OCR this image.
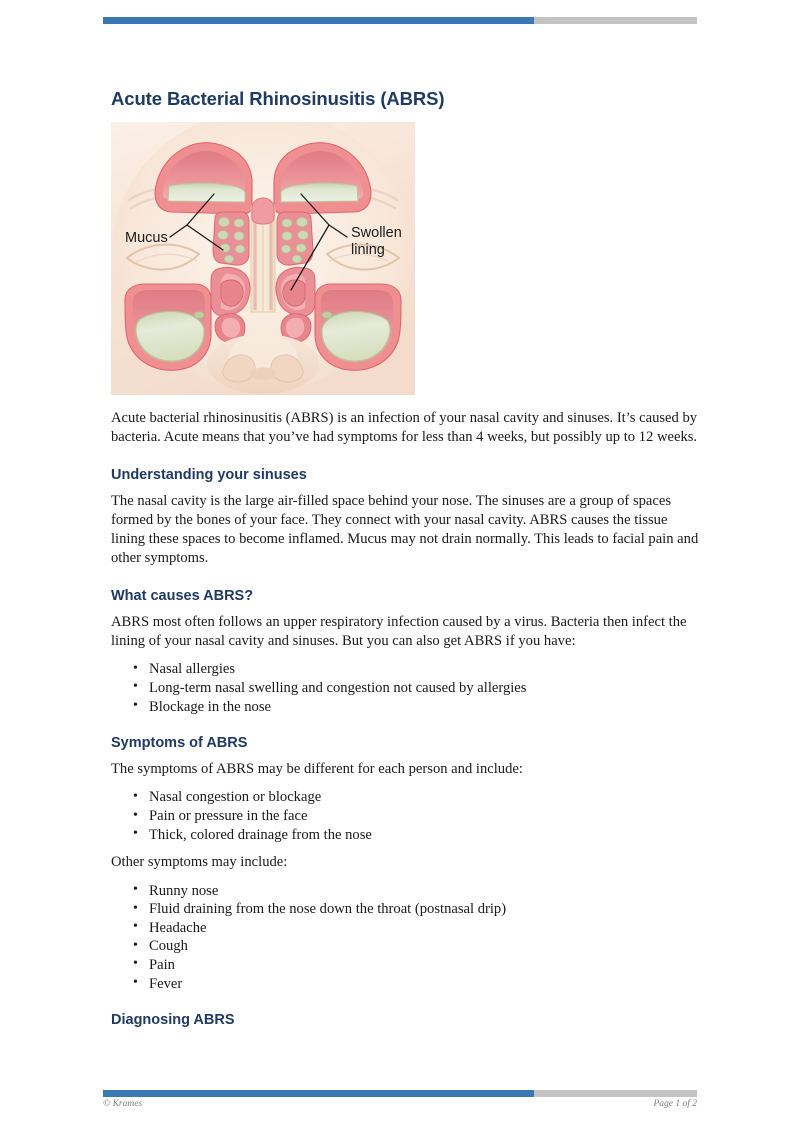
Acute Bacterial Rhinosinusitis (ABRS)
Mucus	Swollen
lining

Acute bacterial rhinosinusitis (ABRS) is an infection of your nasal cavity and sinuses. It’s caused by bacteria. Acute means that you’ve had symptoms for less than 4 weeks, but possibly up to 12 weeks.

Understanding your sinuses

The nasal cavity is the large air-filled space behind your nose. The sinuses are a group of spaces formed by the bones of your face. They connect with your nasal cavity. ABRS causes the tissue lining these spaces to become inflamed. Mucus may not drain normally. This leads to facial pain and other symptoms.

What causes ABRS?

ABRS most often follows an upper respiratory infection caused by a virus. Bacteria then infect the lining of your nasal cavity and sinuses. But you can also get ABRS if you have:

• Nasal allergies
• Long-term nasal swelling and congestion not caused by allergies
• Blockage in the nose
Symptoms of ABRS

The symptoms of ABRS may be different for each person and include:

• Nasal congestion or blockage
• Pain or pressure in the face
• Thick, colored drainage from the nose

Other symptoms may include:

• Runny nose
• Fluid draining from the nose down the throat (postnasal drip)
• Headache
• Cough
• Pain
• Fever
Diagnosing ABRS
© Krames	Page 1 of 2
